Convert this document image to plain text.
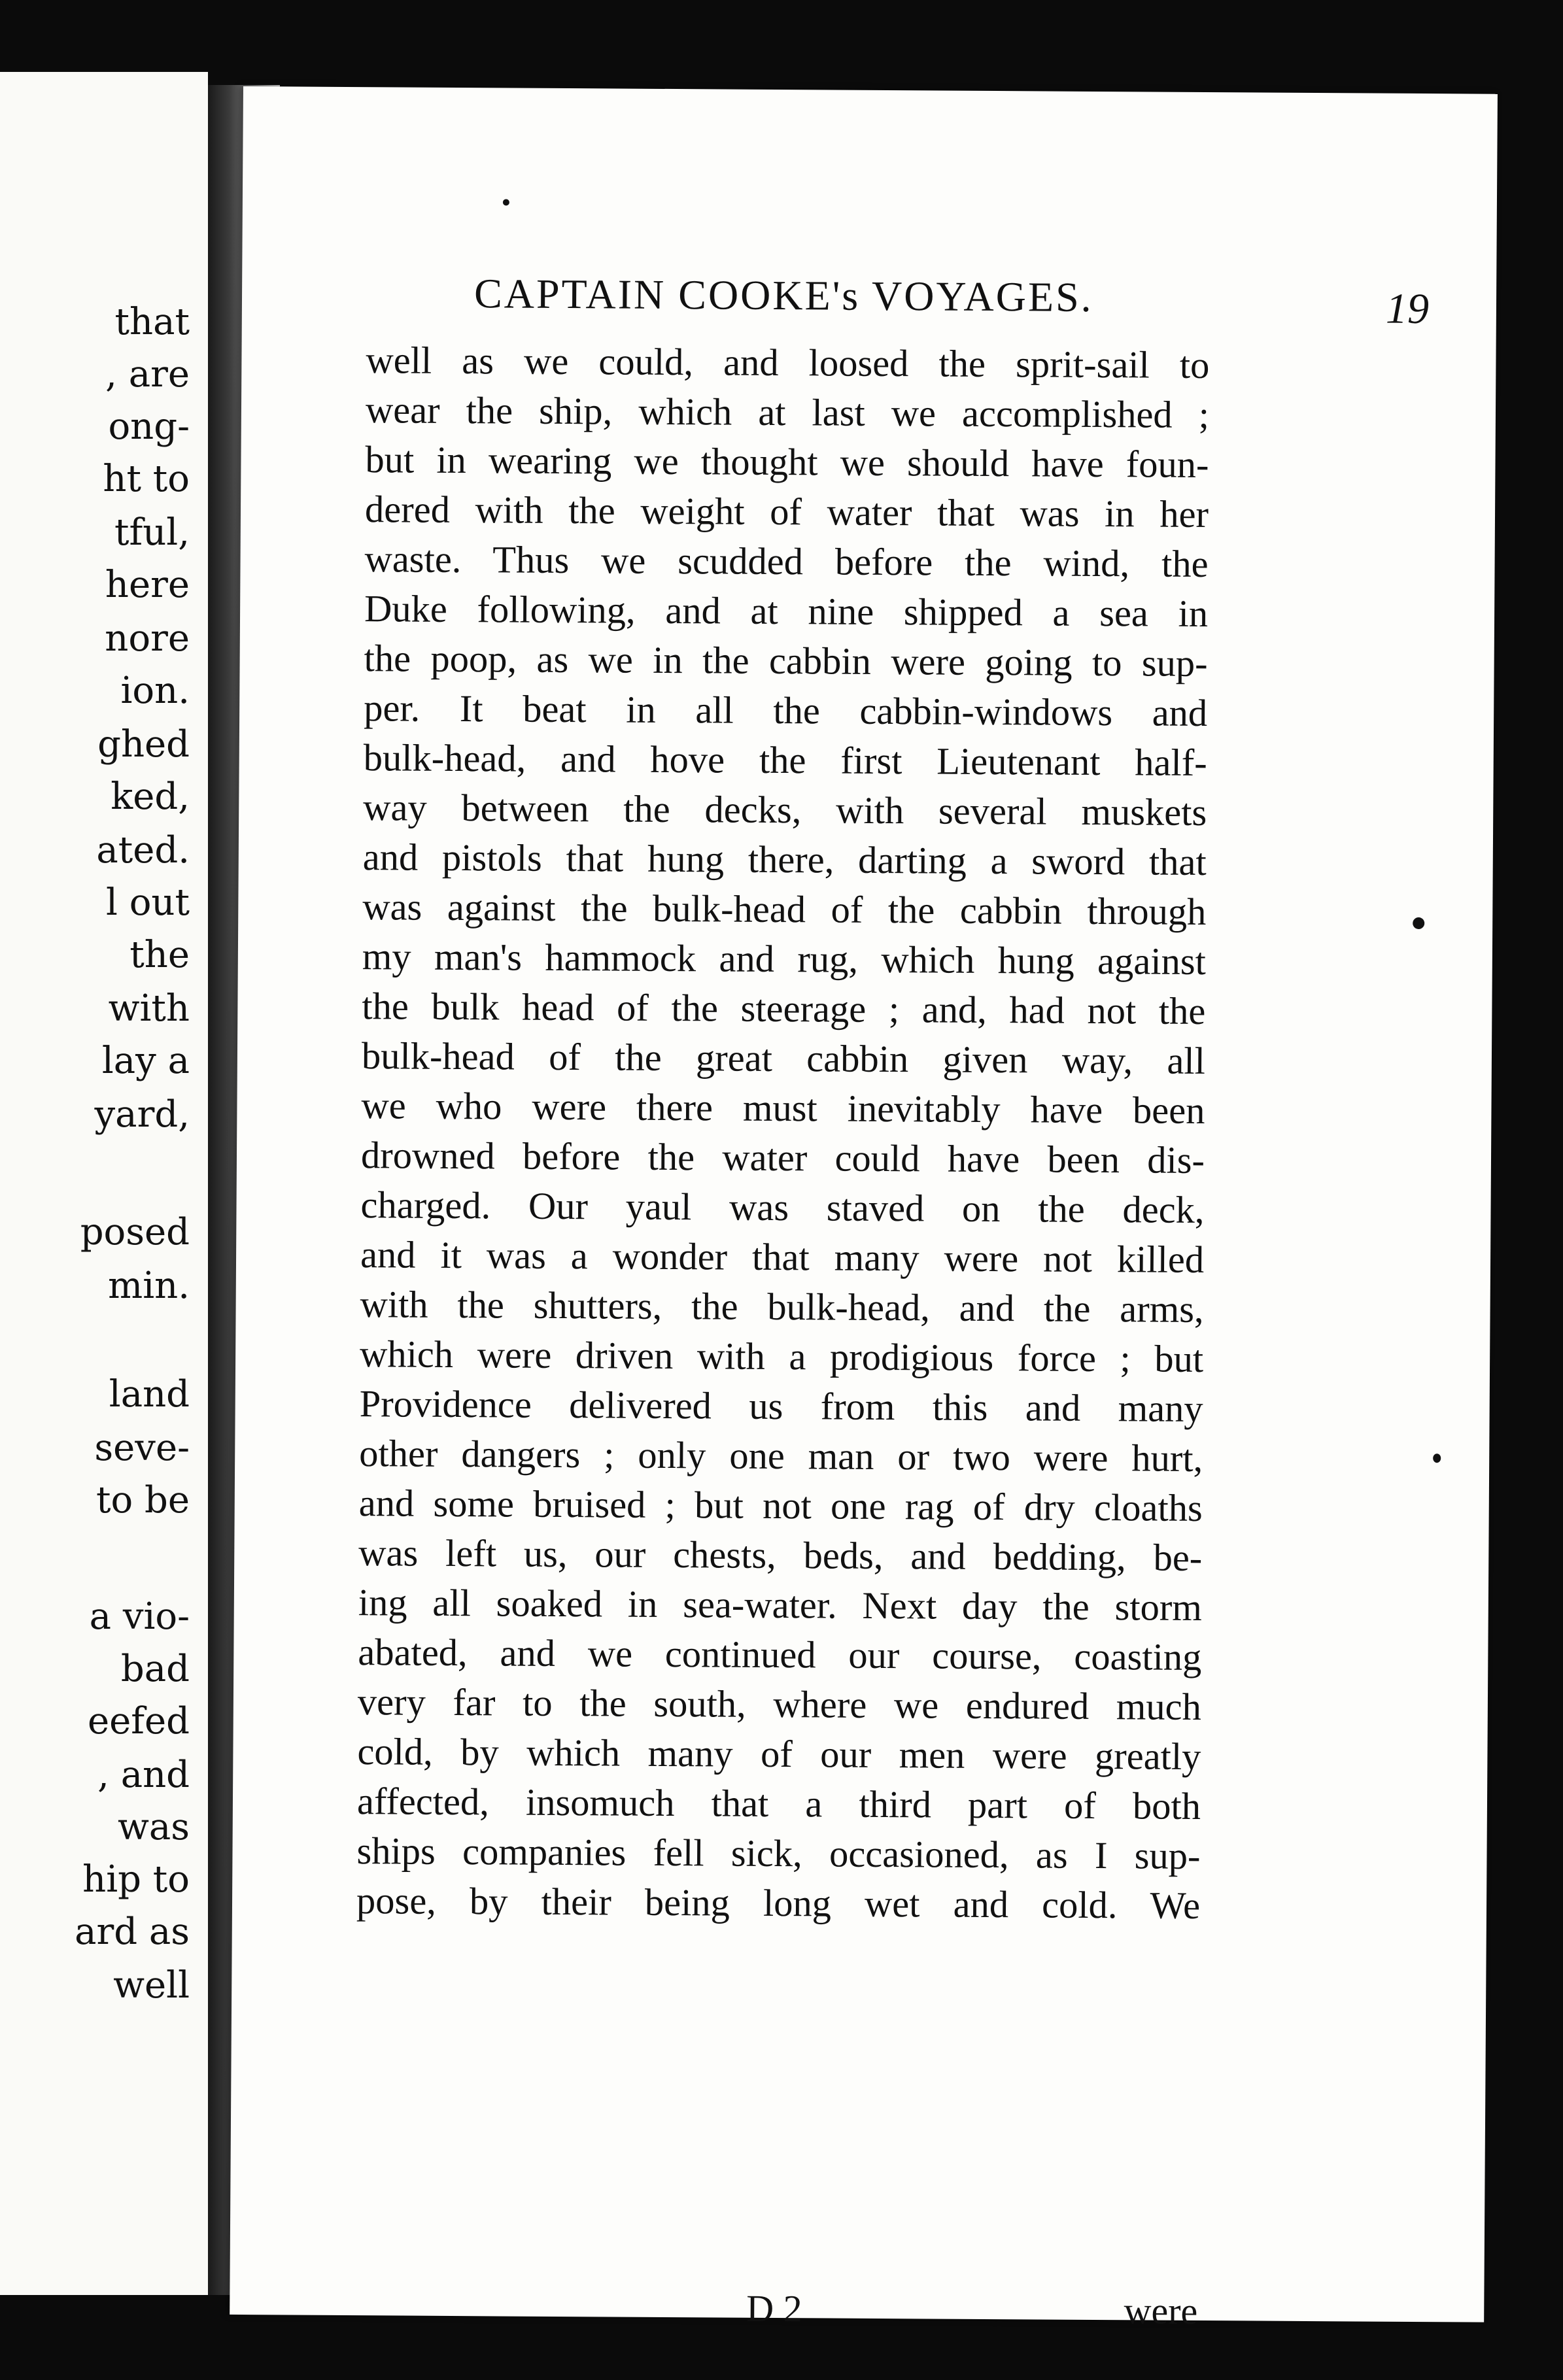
that
, are
ong-
ht to
tful,
here
nore
ion.
ghed
ked,
ated.
l out
the
with
lay a
yard,
posed
min.
land
seve-
to be
a vio-
bad
eefed
, and
was
hip to
ard as
well
CAPTAIN COOKE's VOYAGES.	19
well as we could, and loosed the sprit-sail to
wear the ship, which at last we accomplished ;
but in wearing we thought we should have foun-
dered with the weight of water that was in her
waste. Thus we scudded before the wind, the
Duke following, and at nine shipped a sea in
the poop, as we in the cabbin were going to sup-
per. It beat in all the cabbin-windows and
bulk-head, and hove the first Lieutenant half-
way between the decks, with several muskets
and pistols that hung there, darting a sword that
was against the bulk-head of the cabbin through
my man's hammock and rug, which hung against
the bulk head of the steerage ; and, had not the
bulk-head of the great cabbin given way, all
we who were there must inevitably have been
drowned before the water could have been dis-
charged. Our yaul was staved on the deck,
and it was a wonder that many were not killed
with the shutters, the bulk-head, and the arms,
which were driven with a prodigious force ; but
Providence delivered us from this and many
other dangers ; only one man or two were hurt,
and some bruised ; but not one rag of dry cloaths
was left us, our chests, beds, and bedding, be-
ing all soaked in sea-water. Next day the storm
abated, and we continued our course, coasting
very far to the south, where we endured much
cold, by which many of our men were greatly
affected, insomuch that a third part of both
ships companies fell sick, occasioned, as I sup-
pose, by their being long wet and cold. We
D 2	were
